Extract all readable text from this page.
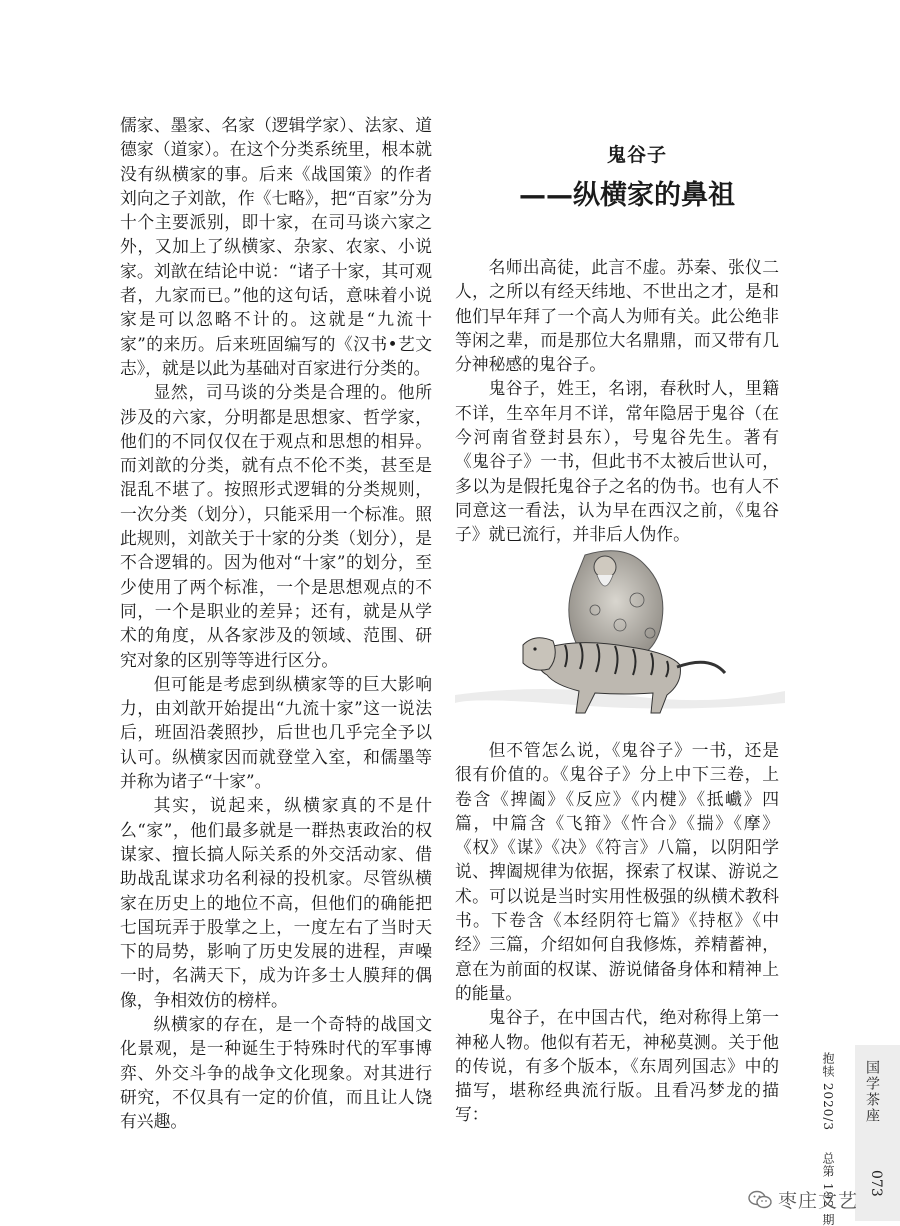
儒家、墨家、名家（逻辑学家）、法家、道德家（道家）。在这个分类系统里，根本就没有纵横家的事。后来《战国策》的作者刘向之子刘歆，作《七略》，把“百家”分为十个主要派别，即十家，在司马谈六家之外，又加上了纵横家、杂家、农家、小说家。刘歆在结论中说：“诸子十家，其可观者，九家而已。”他的这句话，意味着小说家是可以忽略不计的。这就是“九流十家”的来历。后来班固编写的《汉书•艺文志》，就是以此为基础对百家进行分类的。

显然，司马谈的分类是合理的。他所涉及的六家，分明都是思想家、哲学家，他们的不同仅仅在于观点和思想的相异。而刘歆的分类，就有点不伦不类，甚至是混乱不堪了。按照形式逻辑的分类规则，一次分类（划分），只能采用一个标准。照此规则，刘歆关于十家的分类（划分），是不合逻辑的。因为他对“十家”的划分，至少使用了两个标准，一个是思想观点的不同，一个是职业的差异；还有，就是从学术的角度，从各家涉及的领域、范围、研究对象的区别等等进行区分。

但可能是考虑到纵横家等的巨大影响力，由刘歆开始提出“九流十家”这一说法后，班固沿袭照抄，后世也几乎完全予以认可。纵横家因而就登堂入室，和儒墨等并称为诸子“十家”。

其实，说起来，纵横家真的不是什么“家”，他们最多就是一群热衷政治的权谋家、擅长搞人际关系的外交活动家、借助战乱谋求功名利禄的投机家。尽管纵横家在历史上的地位不高，但他们的确能把七国玩弄于股掌之上，一度左右了当时天下的局势，影响了历史发展的进程，声噪一时，名满天下，成为许多士人膜拜的偶像，争相效仿的榜样。

纵横家的存在，是一个奇特的战国文化景观，是一种诞生于特殊时代的军事博弈、外交斗争的战争文化现象。对其进行研究，不仅具有一定的价值，而且让人饶有兴趣。

鬼谷子
——纵横家的鼻祖

名师出高徒，此言不虚。苏秦、张仪二人，之所以有经天纬地、不世出之才，是和他们早年拜了一个高人为师有关。此公绝非等闲之辈，而是那位大名鼎鼎，而又带有几分神秘感的鬼谷子。

鬼谷子，姓王，名诩，春秋时人，里籍不详，生卒年月不详，常年隐居于鬼谷（在今河南省登封县东），号鬼谷先生。著有《鬼谷子》一书，但此书不太被后世认可，多以为是假托鬼谷子之名的伪书。也有人不同意这一看法，认为早在西汉之前，《鬼谷子》就已流行，并非后人伪作。

但不管怎么说，《鬼谷子》一书，还是很有价值的。《鬼谷子》分上中下三卷，上卷含《捭阖》《反应》《内楗》《抵巇》四篇，中篇含《飞箝》《忤合》《揣》《摩》《权》《谋》《决》《符言》八篇，以阴阳学说、捭阖规律为依据，探索了权谋、游说之术。可以说是当时实用性极强的纵横术教科书。下卷含《本经阴符七篇》《持枢》《中经》三篇，介绍如何自我修炼，养精蓄神，意在为前面的权谋、游说储备身体和精神上的能量。

鬼谷子，在中国古代，绝对称得上第一神秘人物。他似有若无，神秘莫测。关于他的传说，有多个版本，《东周列国志》中的描写，堪称经典流行版。且看冯梦龙的描写：	国学茶座
抱犊 2020/3 总第 192 期 073
枣庄文艺
